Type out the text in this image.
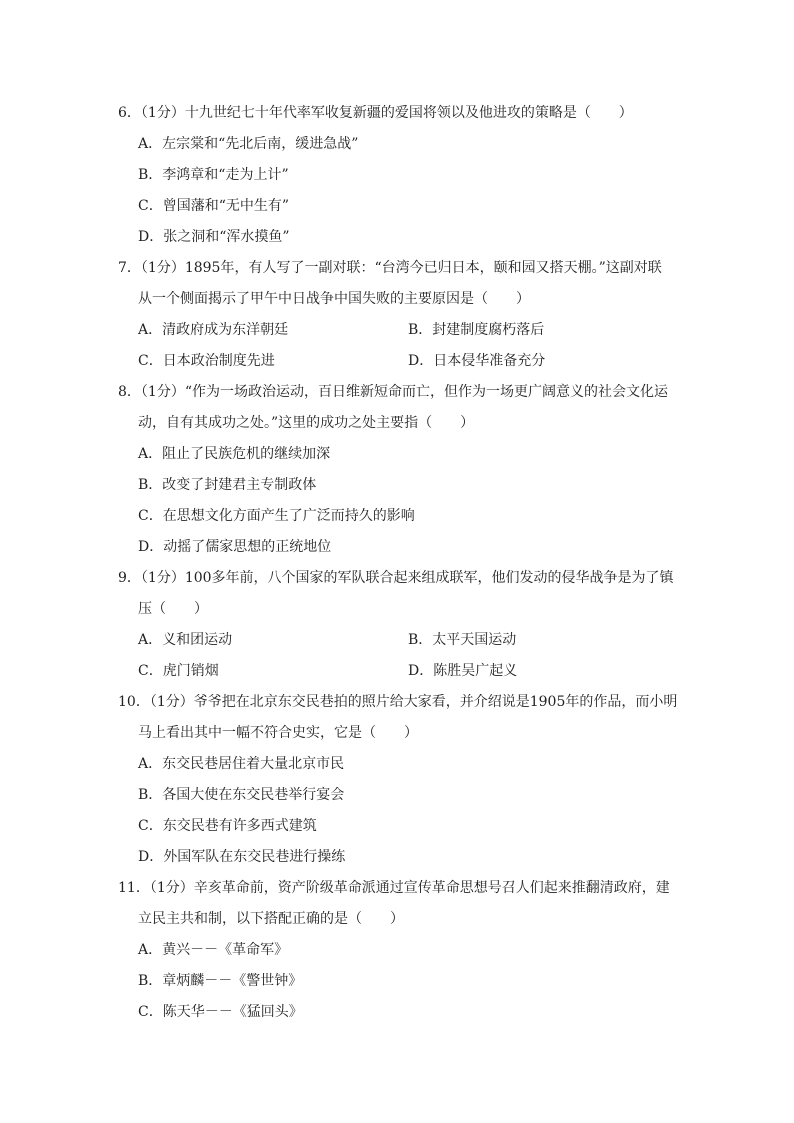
6．（1分）十九世纪七十年代率军收复新疆的爱国将领以及他进攻的策略是（　　）
A．左宗棠和“先北后南，缓进急战”
B．李鸿章和“走为上计”
C．曾国藩和“无中生有”
D．张之洞和“浑水摸鱼”
7．（1分）1895年，有人写了一副对联：“台湾今已归日本，颐和园又搭天棚。”这副对联
从一个侧面揭示了甲午中日战争中国失败的主要原因是（　　）
A．清政府成为东洋朝廷	B．封建制度腐朽落后
C．日本政治制度先进	D．日本侵华准备充分
8．（1分）“作为一场政治运动，百日维新短命而亡，但作为一场更广阔意义的社会文化运
动，自有其成功之处。”这里的成功之处主要指（　　）
A．阻止了民族危机的继续加深
B．改变了封建君主专制政体
C．在思想文化方面产生了广泛而持久的影响
D．动摇了儒家思想的正统地位
9．（1分）100多年前，八个国家的军队联合起来组成联军，他们发动的侵华战争是为了镇
压（　　）
A．义和团运动	B．太平天国运动
C．虎门销烟	D．陈胜吴广起义
10．（1分）爷爷把在北京东交民巷拍的照片给大家看，并介绍说是1905年的作品，而小明
马上看出其中一幅不符合史实，它是（　　）
A．东交民巷居住着大量北京市民
B．各国大使在东交民巷举行宴会
C．东交民巷有许多西式建筑
D．外国军队在东交民巷进行操练
11．（1分）辛亥革命前，资产阶级革命派通过宣传革命思想号召人们起来推翻清政府，建
立民主共和制，以下搭配正确的是（　　）
A．黄兴－－《革命军》
B．章炳麟－－《警世钟》
C．陈天华－－《猛回头》
